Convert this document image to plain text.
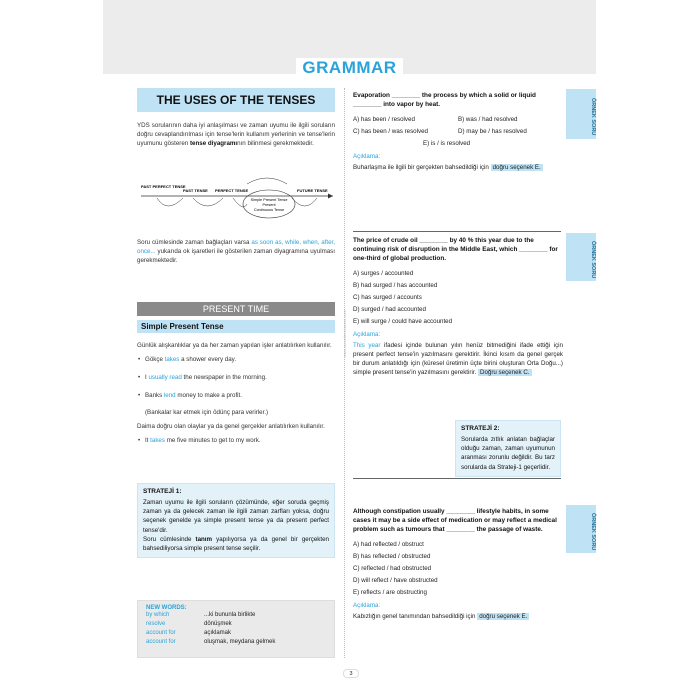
GRAMMAR
THE USES OF THE TENSES

YDS sorularının daha iyi anlaşılması ve zaman uyumu ile ilgili soruların doğru cevaplandırılması için tense'lerin kullanım yerlerinin ve tense'lerin uyumunu gösteren tense diyagramının bilinmesi gerekmektedir.

PAST PERFECT TENSE
PAST TENSE PERFECT TENSE	FUTURE TENSE
Simple Present Tense
Present
Continuous Tense

Soru cümlesinde zaman bağlaçları varsa as soon as, while, when, after, once... yukarıda ok işaretleri ile gösterilen zaman diyagramına uyulması gerekmektedir.

PRESENT TIME
Simple Present Tense

Günlük alışkanlıklar ya da her zaman yapılan işler anlatılırken kullanılır.

• Gökçe takes a shower every day.
• I usually read the newspaper in the morning.
• Banks lend money to make a profit.

(Bankalar kar etmek için ödünç para verirler.)

Daima doğru olan olaylar ya da genel gerçekler anlatılırken kullanılır.

• It takes me five minutes to get to my work.
STRATEJİ 1:

Zaman uyumu ile ilgili soruların çözümünde, eğer soruda geçmiş zaman ya da gelecek zaman ile ilgili zaman zarfları yoksa, doğru seçenek genelde ya simple present tense ya da present perfect tense'dir.

Soru cümlesinde tanım yapılıyorsa ya da genel bir gerçekten bahsediliyorsa simple present tense seçilir.

NEW WORDS:
by which	...ki bununla birlikte
resolve	dönüşmek
account for	açıklamak
account for	oluşmak, meydana gelmek
www.sınavdershanesi.com
ÖRNEK SORU

Evaporation ________ the process by which a solid or liquid ________ into vapor by heat.

A) has been / resolved	B) was / had resolved
C) has been / was resolved	D) may be / has resolved
E) is / is resolved
Açıklama:

Buharlaşma ile ilgili bir gerçekten bahsedildiği için doğru seçenek E.

ÖRNEK SORU

The price of crude oil ________ by 40 % this year due to the continuing risk of disruption in the Middle East, which ________ for one-third of global production.

A) surges / accounted
B) had surged / has accounted
C) has surged / accounts
D) surged / had accounted
E) will surge / could have accounted
Açıklama:

This year ifadesi içinde bulunan yılın henüz bitmediğini ifade ettiği için present perfect tense'in yazılmasını gerektirir. İkinci kısım da genel gerçek bir durum anlatıldığı için (küresel üretimin üçte birini oluşturan Orta Doğu...) simple present tense'in yazılmasını gerektirir. Doğru seçenek C.

STRATEJİ 2:

Sorularda zıtlık anlatan bağlaçlar olduğu zaman, zaman uyumunun aranması zorunlu değildir. Bu tarz sorularda da Strateji-1 geçerlidir.

ÖRNEK SORU

Although constipation usually ________ lifestyle habits, in some cases it may be a side effect of medication or may reflect a medical problem such as tumours that ________ the passage of waste.

A) had reflected / obstruct
B) has reflected / obstructed
C) reflected / had obstructed
D) will reflect / have obstructed
E) reflects / are obstructing
Açıklama:

Kabızlığın genel tanımından bahsedildiği için doğru seçenek E.

3
